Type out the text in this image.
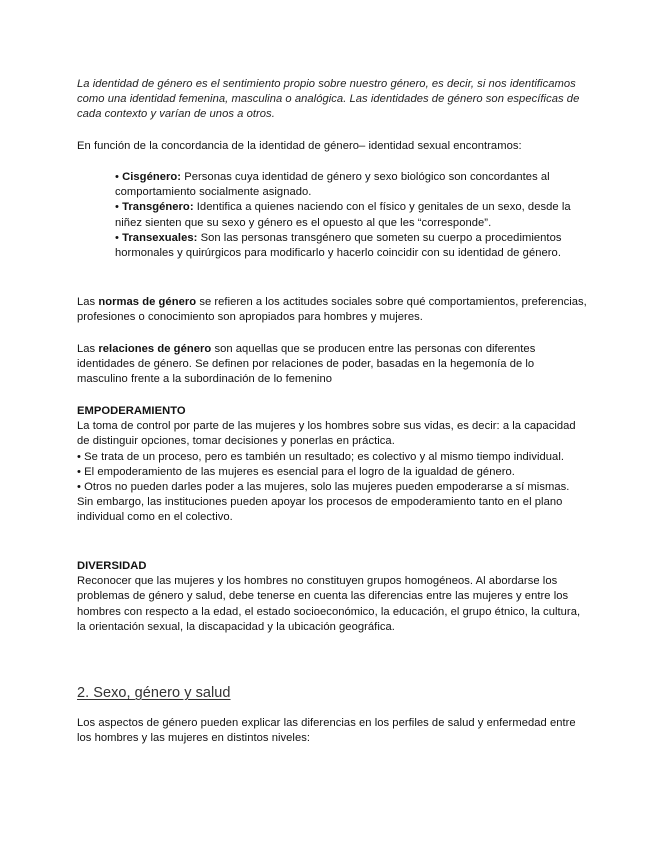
La identidad de género es el sentimiento propio sobre nuestro género, es decir, si nos identificamos como una identidad femenina, masculina o analógica. Las identidades de género son específicas de cada contexto y varían de unos a otros.

En función de la concordancia de la identidad de género– identidad sexual encontramos:

• Cisgénero: Personas cuya identidad de género y sexo biológico son concordantes al comportamiento socialmente asignado.

• Transgénero: Identifica a quienes naciendo con el físico y genitales de un sexo, desde la niñez sienten que su sexo y género es el opuesto al que les “corresponde”.

• Transexuales: Son las personas transgénero que someten su cuerpo a procedimientos hormonales y quirúrgicos para modificarlo y hacerlo coincidir con su identidad de género.

Las normas de género se refieren a los actitudes sociales sobre qué comportamientos, preferencias, profesiones o conocimiento son apropiados para hombres y mujeres.

Las relaciones de género son aquellas que se producen entre las personas con diferentes identidades de género. Se definen por relaciones de poder, basadas en la hegemonía de lo masculino frente a la subordinación de lo femenino

EMPODERAMIENTO

La toma de control por parte de las mujeres y los hombres sobre sus vidas, es decir: a la capacidad de distinguir opciones, tomar decisiones y ponerlas en práctica.

• Se trata de un proceso, pero es también un resultado; es colectivo y al mismo tiempo individual.

• El empoderamiento de las mujeres es esencial para el logro de la igualdad de género.

• Otros no pueden darles poder a las mujeres, solo las mujeres pueden empoderarse a sí mismas. Sin embargo, las instituciones pueden apoyar los procesos de empoderamiento tanto en el plano individual como en el colectivo.

DIVERSIDAD

Reconocer que las mujeres y los hombres no constituyen grupos homogéneos. Al abordarse los problemas de género y salud, debe tenerse en cuenta las diferencias entre las mujeres y entre los hombres con respecto a la edad, el estado socioeconómico, la educación, el grupo étnico, la cultura, la orientación sexual, la discapacidad y la ubicación geográfica.

2. Sexo, género y salud

Los aspectos de género pueden explicar las diferencias en los perfiles de salud y enfermedad entre los hombres y las mujeres en distintos niveles:
